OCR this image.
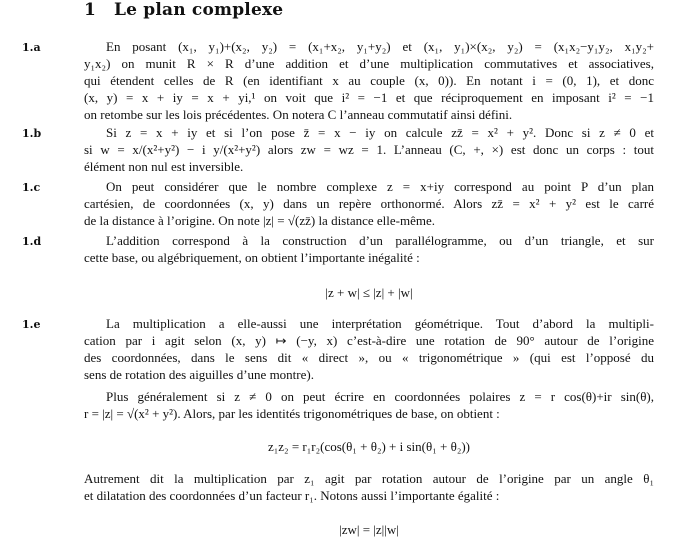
1 Le plan complexe
1.a	En posant (x₁, y₁)+(x₂, y₂) = (x₁+x₂, y₁+y₂) et (x₁, y₁)×(x₂, y₂) = (x₁x₂−y₁y₂, x₁y₂+
y₁x₂) on munit R × R d’une addition et d’une multiplication commutatives et associatives,
qui étendent celles de R (en identifiant x au couple (x, 0)). En notant i = (0, 1), et donc
(x, y) = x + iy = x + yi,¹ on voit que i² = −1 et que réciproquement en imposant i² = −1
on retombe sur les lois précédentes. On notera C l’anneau commutatif ainsi défini.
1.b	Si z = x + iy et si l’on pose z̄ = x − iy on calcule zz̄ = x² + y². Donc si z ≠ 0 et
si w = x/(x²+y²) − i y/(x²+y²) alors zw = wz = 1. L’anneau (C, +, ×) est donc un corps : tout
élément non nul est inversible.
1.c	On peut considérer que le nombre complexe z = x+iy correspond au point P d’un plan
cartésien, de coordonnées (x, y) dans un repère orthonormé. Alors zz̄ = x² + y² est le carré
de la distance à l’origine. On note |z| = √(zz̄) la distance elle-même.
1.d	L’addition correspond à la construction d’un parallélogramme, ou d’un triangle, et sur
cette base, ou algébriquement, on obtient l’importante inégalité :
|z + w| ≤ |z| + |w|
1.e	La multiplication a elle-aussi une interprétation géométrique. Tout d’abord la multipli-
cation par i agit selon (x, y) ↦ (−y, x) c’est-à-dire une rotation de 90° autour de l’origine
des coordonnées, dans le sens dit « direct », ou « trigonométrique » (qui est l’opposé du
sens de rotation des aiguilles d’une montre).
Plus généralement si z ≠ 0 on peut écrire en coordonnées polaires z = r cos(θ)+ir sin(θ),
r = |z| = √(x² + y²). Alors, par les identités trigonométriques de base, on obtient :
z₁z₂ = r₁r₂(cos(θ₁ + θ₂) + i sin(θ₁ + θ₂))
Autrement dit la multiplication par z₁ agit par rotation autour de l’origine par un angle θ₁
et dilatation des coordonnées d’un facteur r₁. Notons aussi l’importante égalité :
|zw| = |z||w|
